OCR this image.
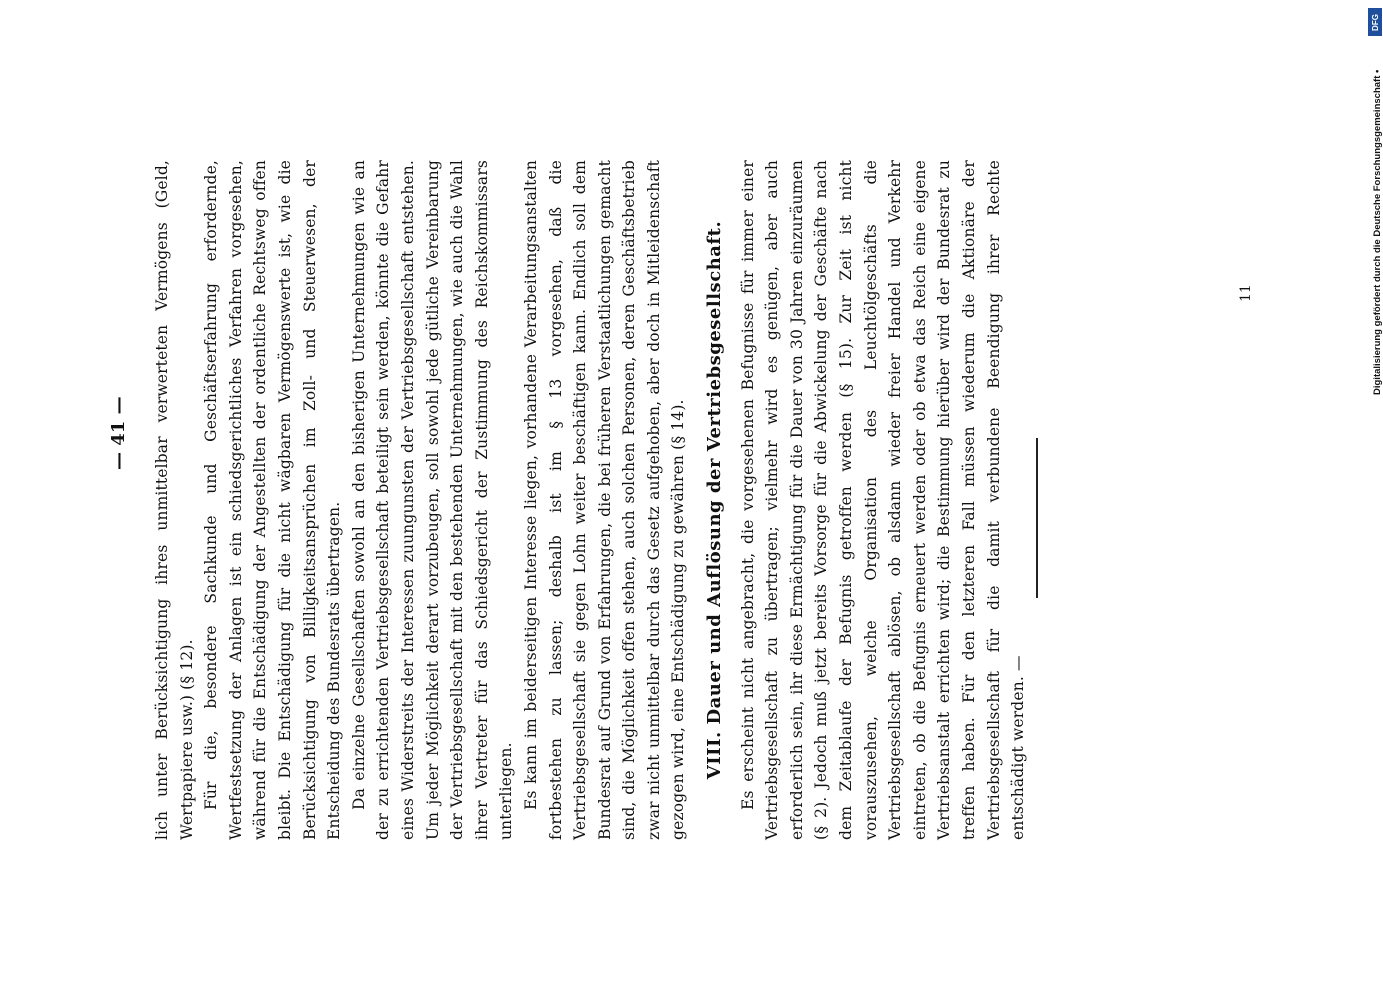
— 41 — lich unter Berücksichtigung ihres unmittelbar verwerteten Vermögens (Geld, Wertpapiere usw.) (§ 12). Für die, besondere Sachkunde und Geschäftserfahrung erfordernde, Wertfestsetzung der Anlagen ist ein schiedsgerichtliches Verfahren vorgesehen, während für die Entschädigung der Angestellten der ordentliche Rechtsweg offen bleibt. Die Entschädigung für die nicht wägbaren Vermögenswerte ist, wie die Berücksichtigung von Billigkeitsansprüchen im Zoll- und Steuerwesen, der Entscheidung des Bundesrats übertragen. Da einzelne Gesellschaften sowohl an den bisherigen Unternehmungen wie an der zu errichtenden Vertriebsgesellschaft beteiligt sein werden, könnte die Gefahr eines Widerstreits der Interessen zuungunsten der Vertriebsgesellschaft entstehen. Um jeder Möglichkeit derart vorzubeugen, soll sowohl jede gütliche Vereinbarung der Vertriebsgesellschaft mit den bestehenden Unternehmungen, wie auch die Wahl ihrer Vertreter für das Schiedsgericht der Zustimmung des Reichskommissars unterliegen. Es kann im beiderseitigen Interesse liegen, vorhandene Verarbeitungsanstalten fortbestehen zu lassen; deshalb ist im § 13 vorgesehen, daß die Vertriebsgesellschaft sie gegen Lohn weiter beschäftigen kann. Endlich soll dem Bundesrat auf Grund von Erfahrungen, die bei früheren Verstaatlichungen gemacht sind, die Möglichkeit offen stehen, auch solchen Personen, deren Geschäftsbetrieb zwar nicht unmittelbar durch das Gesetz aufgehoben, aber doch in Mitleidenschaft gezogen wird, eine Entschädigung zu gewähren (§ 14). VIII. Dauer und Auflösung der Vertriebsgesellschaft. Es erscheint nicht angebracht, die vorgesehenen Befugnisse für immer einer Vertriebsgesellschaft zu übertragen; vielmehr wird es genügen, aber auch erforderlich sein, ihr diese Ermächtigung für die Dauer von 30 Jahren einzuräumen (§ 2). Jedoch muß jetzt bereits Vorsorge für die Abwickelung der Geschäfte nach dem Zeitablaufe der Befugnis getroffen werden (§ 15). Zur Zeit ist nicht vorauszusehen, welche Organisation des Leuchtölgeschäfts die Vertriebsgesellschaft ablösen, ob alsdann wieder freier Handel und Verkehr eintreten, ob die Befugnis erneuert werden oder ob etwa das Reich eine eigene Vertriebsanstalt errichten wird; die Bestimmung hierüber wird der Bundesrat zu treffen haben. Für den letzteren Fall müssen wiederum die Aktionäre der Vertriebsgesellschaft für die damit verbundene Beendigung ihrer Rechte entschädigt werden. —

11
DFG
Digitalisierung gefördert durch die Deutsche Forschungsgemeinschaft •
